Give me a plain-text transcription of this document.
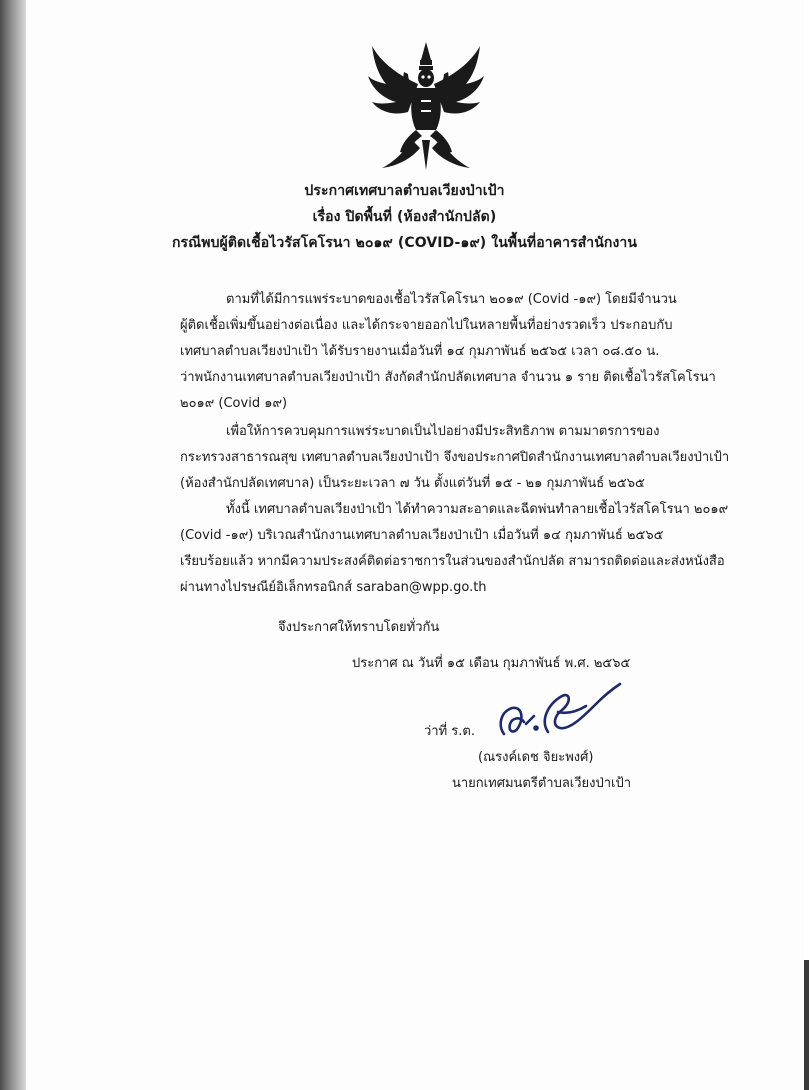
ประกาศเทศบาลตำบลเวียงป่าเป้า
เรื่อง ปิดพื้นที่ (ห้องสำนักปลัด)
กรณีพบผู้ติดเชื้อไวรัสโคโรนา ๒๐๑๙ (COVID-๑๙) ในพื้นที่อาคารสำนักงาน
ตามที่ได้มีการแพร่ระบาดของเชื้อไวรัสโคโรนา ๒๐๑๙ (Covid -๑๙) โดยมีจำนวน
ผู้ติดเชื้อเพิ่มขึ้นอย่างต่อเนื่อง และได้กระจายออกไปในหลายพื้นที่อย่างรวดเร็ว ประกอบกับ
เทศบาลตำบลเวียงป่าเป้า ได้รับรายงานเมื่อวันที่ ๑๔ กุมภาพันธ์ ๒๕๖๕ เวลา ๐๘.๕๐ น.
ว่าพนักงานเทศบาลตำบลเวียงป่าเป้า สังกัดสำนักปลัดเทศบาล จำนวน ๑ ราย ติดเชื้อไวรัสโคโรนา
๒๐๑๙ (Covid ๑๙)
เพื่อให้การควบคุมการแพร่ระบาดเป็นไปอย่างมีประสิทธิภาพ ตามมาตรการของ
กระทรวงสาธารณสุข เทศบาลตำบลเวียงป่าเป้า จึงขอประกาศปิดสำนักงานเทศบาลตำบลเวียงป่าเป้า
(ห้องสำนักปลัดเทศบาล) เป็นระยะเวลา ๗ วัน ตั้งแต่วันที่ ๑๕ - ๒๑ กุมภาพันธ์ ๒๕๖๕
ทั้งนี้ เทศบาลตำบลเวียงป่าเป้า ได้ทำความสะอาดและฉีดพ่นทำลายเชื้อไวรัสโคโรนา ๒๐๑๙
(Covid -๑๙) บริเวณสำนักงานเทศบาลตำบลเวียงป่าเป้า เมื่อวันที่ ๑๔ กุมภาพันธ์ ๒๕๖๕
เรียบร้อยแล้ว หากมีความประสงค์ติดต่อราชการในส่วนของสำนักปลัด สามารถติดต่อและส่งหนังสือ
ผ่านทางไปรษณีย์อิเล็กทรอนิกส์ saraban@wpp.go.th
จึงประกาศให้ทราบโดยทั่วกัน
ประกาศ ณ วันที่ ๑๕ เดือน กุมภาพันธ์ พ.ศ. ๒๕๖๕
ว่าที่ ร.ต.
(ณรงค์เดช จิยะพงศ์)
นายกเทศมนตรีตำบลเวียงป่าเป้า
